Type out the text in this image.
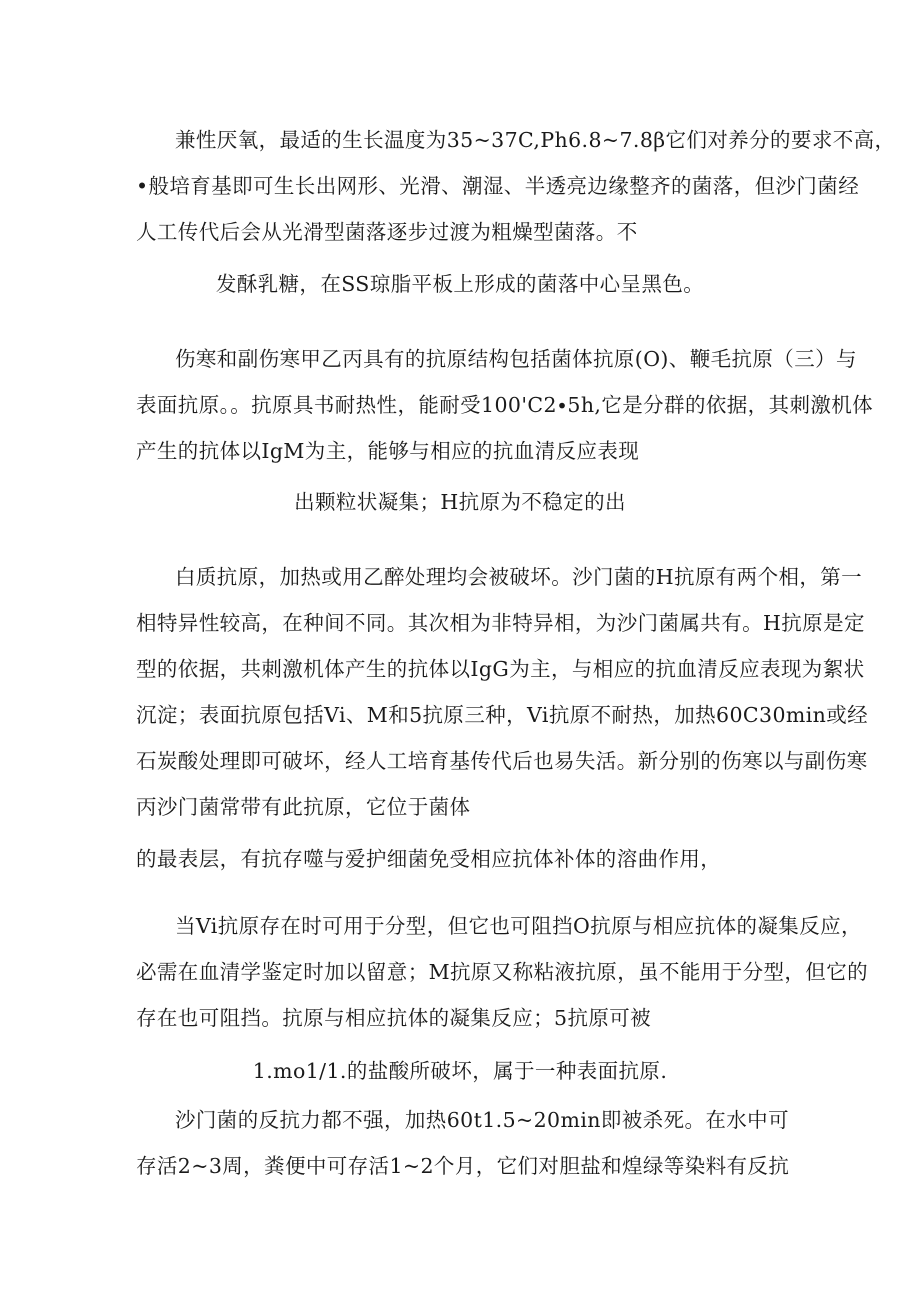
兼性厌氧，最适的生长温度为35~37C,Ph6.8~7.8β它们对养分的要求不高，
•般培育基即可生长出网形、光滑、潮湿、半透亮边缘整齐的菌落，但沙门菌经
人工传代后会从光滑型菌落逐步过渡为粗燥型菌落。不
发酥乳糖，在SS琼脂平板上形成的菌落中心呈黑色。
伤寒和副伤寒甲乙丙具有的抗原结构包括菌体抗原(O)、鞭毛抗原（三）与
表面抗原。。抗原具书耐热性，能耐受100'C2∙5h,它是分群的依据，其刺激机体
产生的抗体以IgM为主，能够与相应的抗血清反应表现
出颗粒状凝集；H抗原为不稳定的出
白质抗原，加热或用乙醉处理均会被破坏。沙门菌的H抗原有两个相，第一
相特异性较高，在种间不同。其次相为非特异相，为沙门菌属共有。H抗原是定
型的依据，共刺激机体产生的抗体以IgG为主，与相应的抗血清反应表现为絮状
沉淀；表面抗原包括Vi、M和5抗原三种，Vi抗原不耐热，加热60C30min或经
石炭酸处理即可破坏，经人工培育基传代后也易失活。新分别的伤寒以与副伤寒
丙沙门菌常带有此抗原，它位于菌体
的最表层，有抗存噬与爱护细菌免受相应抗体补体的溶曲作用，
当Vi抗原存在时可用于分型，但它也可阻挡O抗原与相应抗体的凝集反应，
必需在血清学鉴定时加以留意；M抗原又称粘液抗原，虽不能用于分型，但它的
存在也可阻挡。抗原与相应抗体的凝集反应；5抗原可被
1.mo1∕1.的盐酸所破坏，属于一种表面抗原.
沙门菌的反抗力都不强，加热60t1.5~20min即被杀死。在水中可
存活2~3周，粪便中可存活1~2个月，它们对胆盐和煌绿等染料有反抗
